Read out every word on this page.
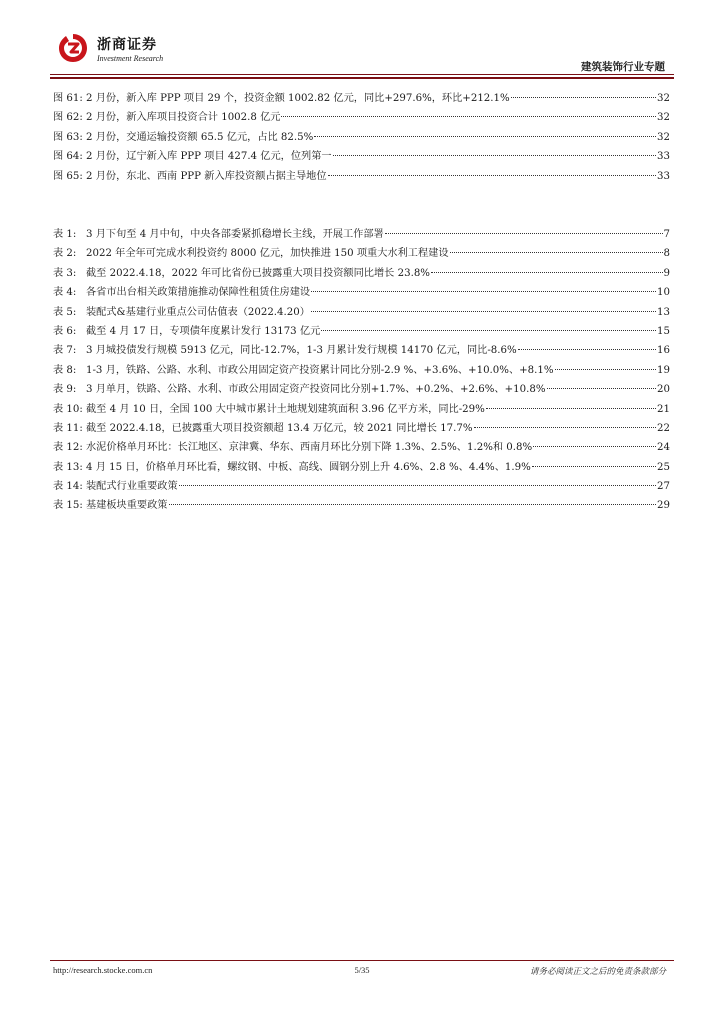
浙商证券
Investment Research
建筑装饰行业专题
图 61: 2 月份，新入库 PPP 项目 29 个，投资金额 1002.82 亿元，同比+297.6%，环比+212.1%	32
图 62: 2 月份，新入库项目投资合计 1002.8 亿元	32
图 63: 2 月份，交通运输投资额 65.5 亿元，占比 82.5%	32
图 64: 2 月份，辽宁新入库 PPP 项目 427.4 亿元，位列第一	33
图 65: 2 月份，东北、西南 PPP 新入库投资额占据主导地位	33
表 1: 3 月下旬至 4 月中旬，中央各部委紧抓稳增长主线，开展工作部署	7
表 2: 2022 年全年可完成水利投资约 8000 亿元，加快推进 150 项重大水利工程建设	8
表 3: 截至 2022.4.18，2022 年可比省份已披露重大项目投资额同比增长 23.8%	9
表 4: 各省市出台相关政策措施推动保障性租赁住房建设	10
表 5: 装配式&基建行业重点公司估值表（2022.4.20）	13
表 6: 截至 4 月 17 日，专项债年度累计发行 13173 亿元	15
表 7: 3 月城投债发行规模 5913 亿元，同比-12.7%，1-3 月累计发行规模 14170 亿元，同比-8.6%	16
表 8: 1-3 月，铁路、公路、水利、市政公用固定资产投资累计同比分别-2.9 %、+3.6%、+10.0%、+8.1%	19
表 9: 3 月单月，铁路、公路、水利、市政公用固定资产投资同比分别+1.7%、+0.2%、+2.6%、+10.8%	20
表 10: 截至 4 月 10 日，全国 100 大中城市累计土地规划建筑面积 3.96 亿平方米，同比-29%	21
表 11: 截至 2022.4.18，已披露重大项目投资额超 13.4 万亿元，较 2021 同比增长 17.7%	22
表 12: 水泥价格单月环比：长江地区、京津冀、华东、西南月环比分别下降 1.3%、2.5%、1.2%和 0.8%	24
表 13: 4 月 15 日，价格单月环比看，螺纹钢、中板、高线、圆钢分别上升 4.6%、2.8 %、4.4%、1.9%	25
表 14: 装配式行业重要政策	27
表 15: 基建板块重要政策	29
http://research.stocke.com.cn	5/35	请务必阅读正文之后的免责条款部分
